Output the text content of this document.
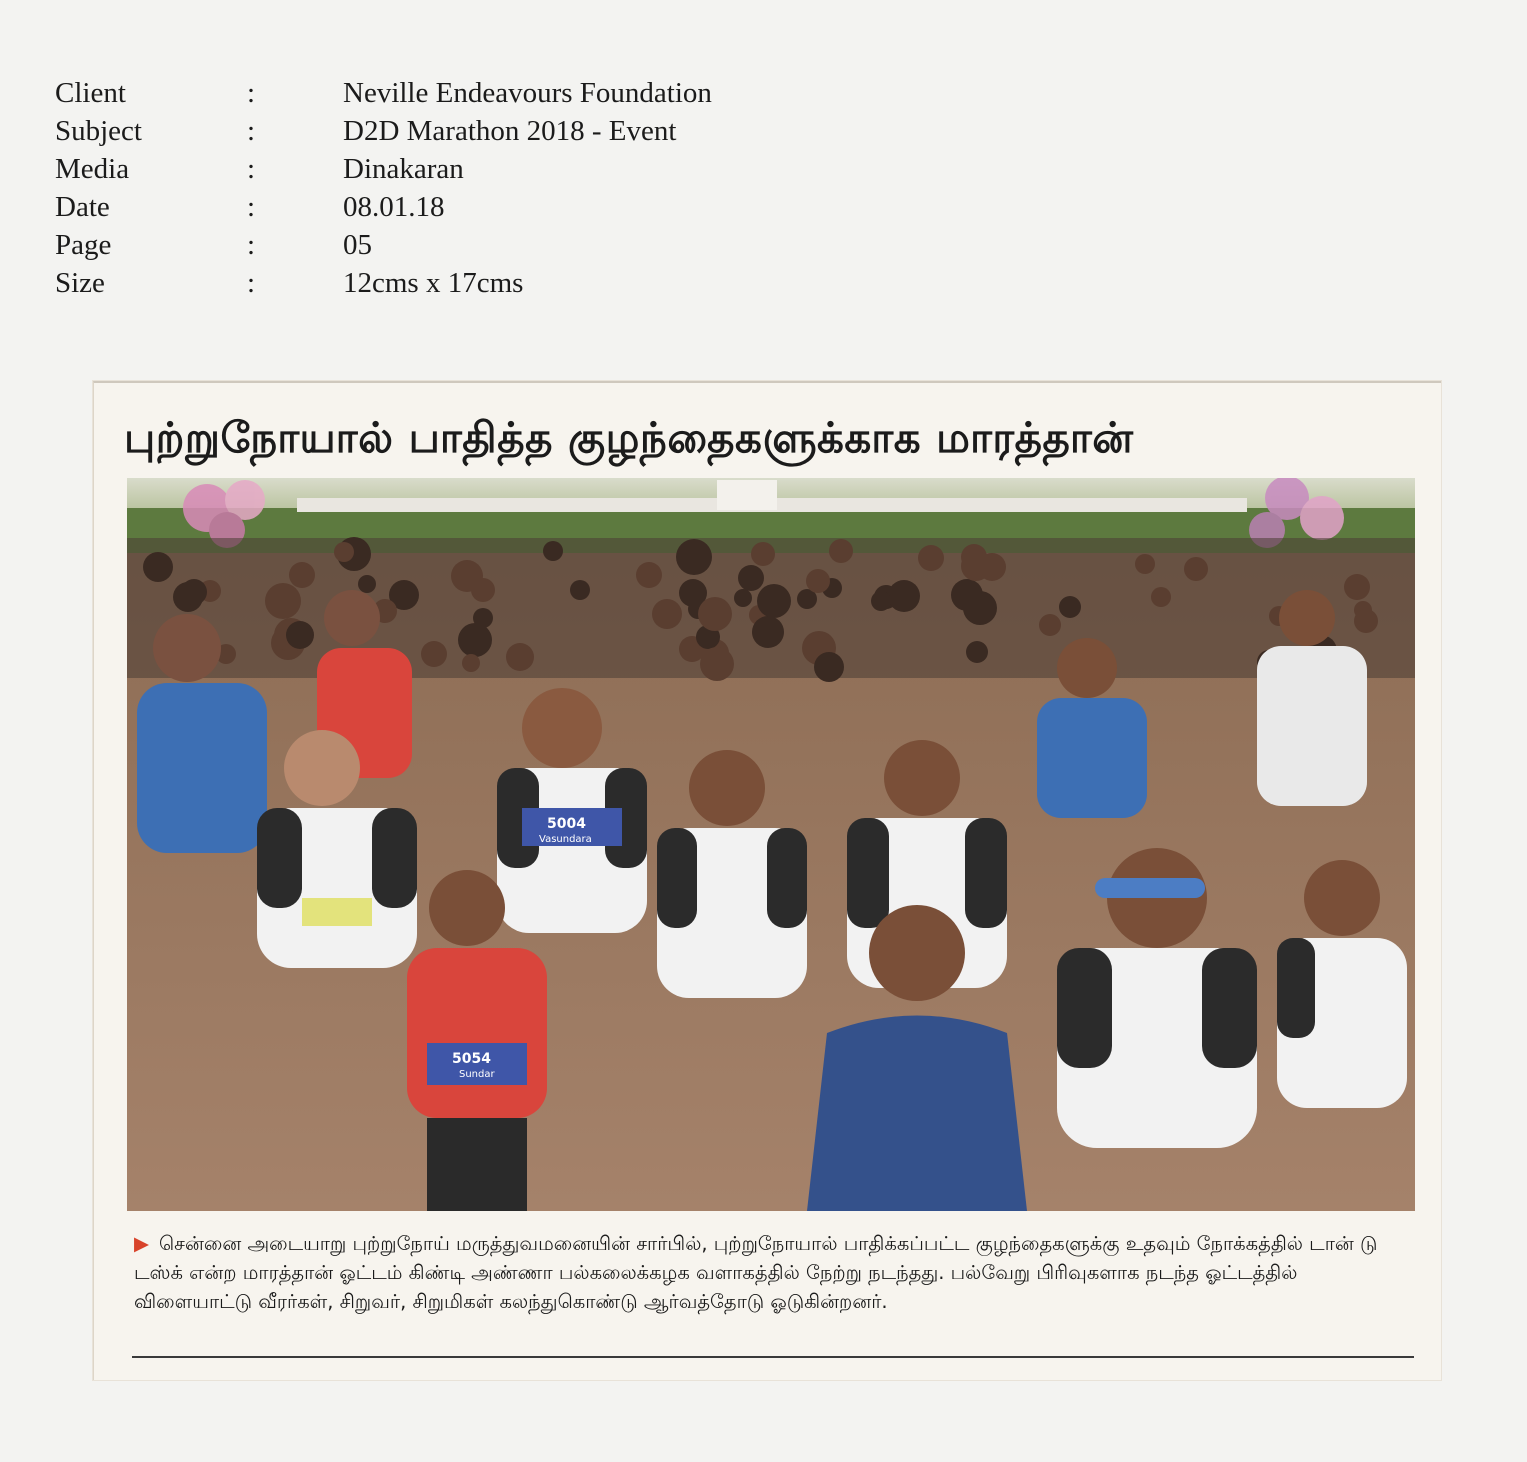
Client	:	Neville Endeavours Foundation
Subject	:	D2D Marathon 2018 - Event
Media	:	Dinakaran
Date	:	08.01.18
Page	:	05
Size	:	12cms x 17cms
புற்றுநோயால் பாதித்த குழந்தைகளுக்காக மாரத்தான்
5004
Vasundara
5054
Sundar
▶ சென்னை அடையாறு புற்றுநோய் மருத்துவமனையின் சார்பில், புற்றுநோயால் பாதிக்கப்பட்ட குழந்தைகளுக்கு உதவும் நோக்கத்தில் டான் டு டஸ்க் என்ற மாரத்தான் ஓட்டம் கிண்டி அண்ணா பல்கலைக்கழக வளாகத்தில் நேற்று நடந்தது. பல்வேறு பிரிவுகளாக நடந்த ஓட்டத்தில் விளையாட்டு வீரர்கள், சிறுவர், சிறுமிகள் கலந்துகொண்டு ஆர்வத்தோடு ஓடுகின்றனர்.
